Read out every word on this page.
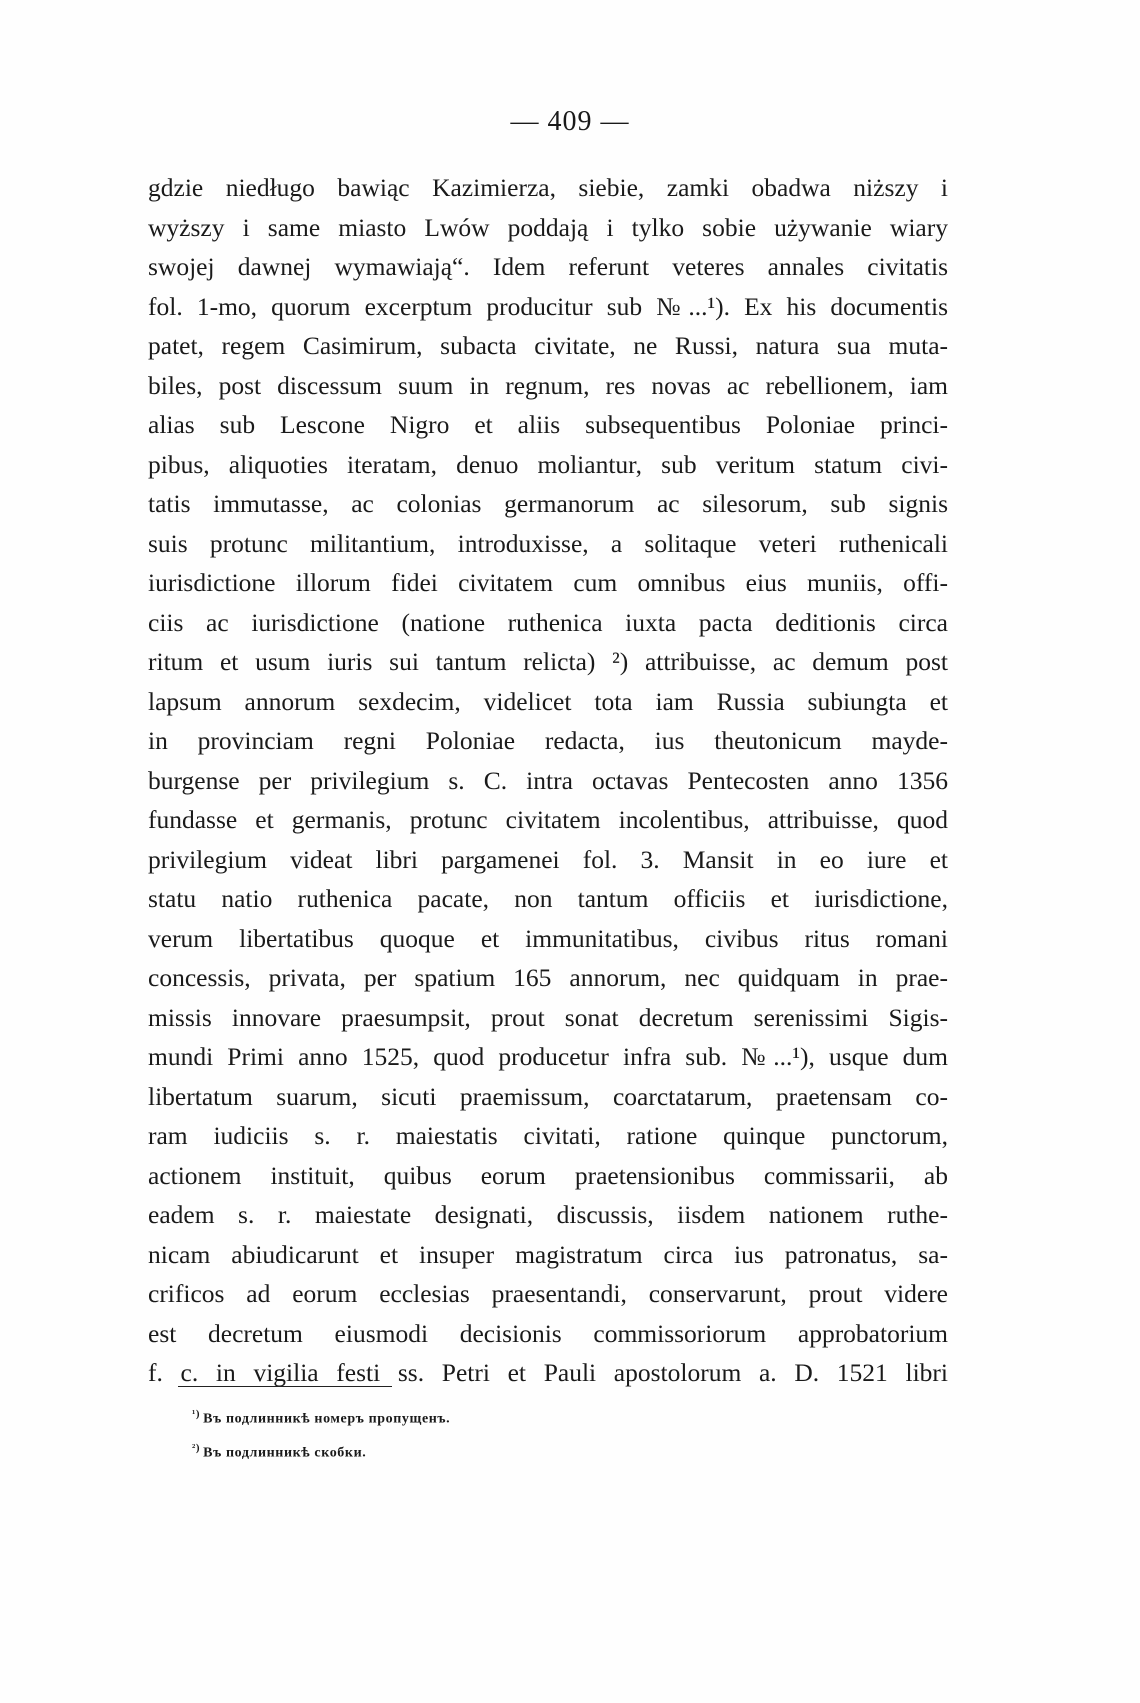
— 409 —
gdzie niedługo bawiąc Kazimierza, siebie, zamki obadwa niższy i
wyższy i same miasto Lwów poddają i tylko sobie używanie wiary
swojej dawnej wymawiają“. Idem referunt veteres annales civitatis
fol. 1-mo, quorum excerptum producitur sub №...¹). Ex his documentis
patet, regem Casimirum, subacta civitate, ne Russi, natura sua muta-
biles, post discessum suum in regnum, res novas ac rebellionem, iam
alias sub Lescone Nigro et aliis subsequentibus Poloniae princi-
pibus, aliquoties iteratam, denuo moliantur, sub veritum statum civi-
tatis immutasse, ac colonias germanorum ac silesorum, sub signis
suis protunc militantium, introduxisse, a solitaque veteri ruthenicali
iurisdictione illorum fidei civitatem cum omnibus eius muniis, offi-
ciis ac iurisdictione (natione ruthenica iuxta pacta deditionis circa
ritum et usum iuris sui tantum relicta) ²) attribuisse, ac demum post
lapsum annorum sexdecim, videlicet tota iam Russia subiungta et
in provinciam regni Poloniae redacta, ius theutonicum mayde-
burgense per privilegium s. C. intra octavas Pentecosten anno 1356
fundasse et germanis, protunc civitatem incolentibus, attribuisse, quod
privilegium videat libri pargamenei fol. 3. Mansit in eo iure et
statu natio ruthenica pacate, non tantum officiis et iurisdictione,
verum libertatibus quoque et immunitatibus, civibus ritus romani
concessis, privata, per spatium 165 annorum, nec quidquam in prae-
missis innovare praesumpsit, prout sonat decretum serenissimi Sigis-
mundi Primi anno 1525, quod producetur infra sub. №...¹), usque dum
libertatum suarum, sicuti praemissum, coarctatarum, praetensam co-
ram iudiciis s. r. maiestatis civitati, ratione quinque punctorum,
actionem instituit, quibus eorum praetensionibus commissarii, ab
eadem s. r. maiestate designati, discussis, iisdem nationem ruthe-
nicam abiudicarunt et insuper magistratum circa ius patronatus, sa-
crificos ad eorum ecclesias praesentandi, conservarunt, prout videre
est decretum eiusmodi decisionis commissoriorum approbatorium
f. c. in vigilia festi ss. Petri et Pauli apostolorum a. D. 1521 libri
$^{^1)}$ Въ подлинникѣ номеръ пропущенъ.
$^{^2)}$ Въ подлинникѣ скобки.
